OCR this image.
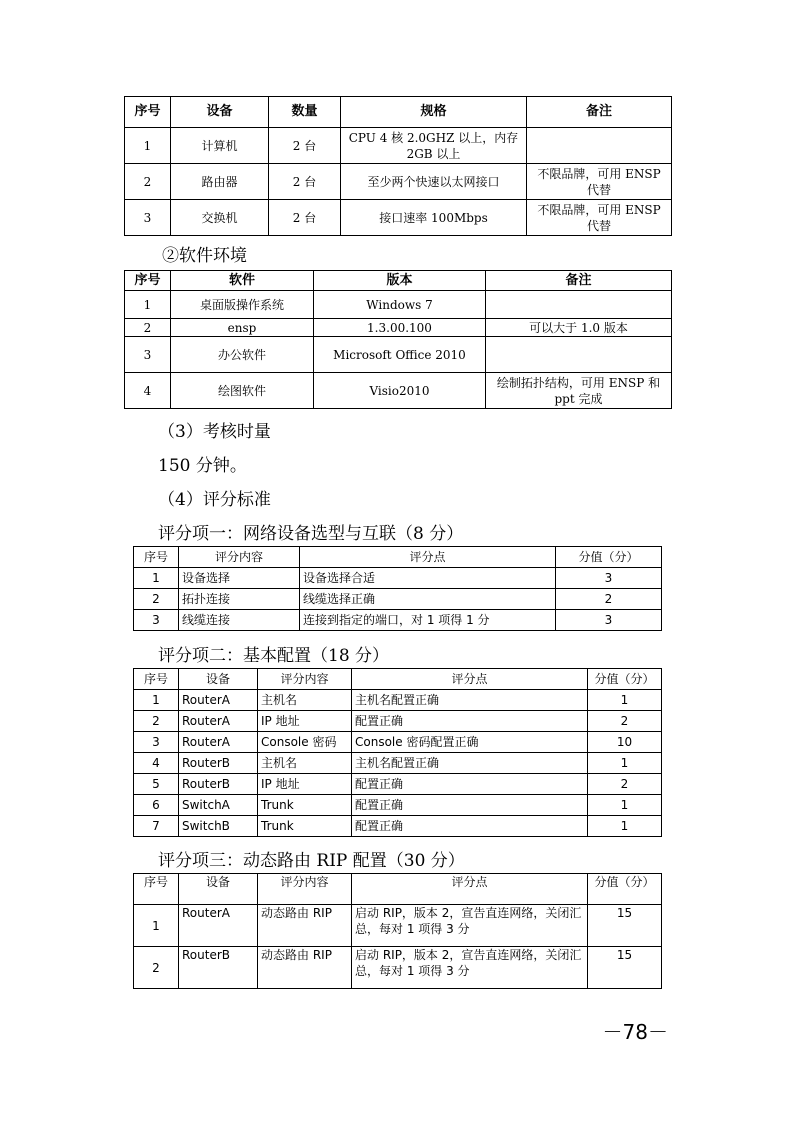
序号	设备	数量	规格	备注
1	计算机	2 台	CPU 4 核 2.0GHZ 以上，内存 2GB 以上	
2	路由器	2 台	至少两个快速以太网接口	不限品牌，可用 ENSP 代替
3	交换机	2 台	接口速率 100Mbps	不限品牌，可用 ENSP 代替
②软件环境
序号	软件	版本	备注
1	桌面版操作系统	Windows 7	
2	ensp	1.3.00.100	可以大于 1.0 版本
3	办公软件	Microsoft Office 2010	
4	绘图软件	Visio2010	绘制拓扑结构，可用 ENSP 和 ppt 完成
（3）考核时量
150 分钟。
（4）评分标准
评分项一：网络设备选型与互联（8 分）
序号	评分内容	评分点	分值（分）
1	设备选择	设备选择合适	3
2	拓扑连接	线缆选择正确	2
3	线缆连接	连接到指定的端口，对 1 项得 1 分	3
评分项二：基本配置（18 分）
序号	设备	评分内容	评分点	分值（分）
1	RouterA	主机名	主机名配置正确	1
2	RouterA	IP 地址	配置正确	2
3	RouterA	Console 密码	Console 密码配置正确	10
4	RouterB	主机名	主机名配置正确	1
5	RouterB	IP 地址	配置正确	2
6	SwitchA	Trunk	配置正确	1
7	SwitchB	Trunk	配置正确	1
评分项三：动态路由 RIP 配置（30 分）
序号	设备	评分内容	评分点	分值（分）
1	RouterA	动态路由 RIP	启动 RIP，版本 2，宣告直连网络，关闭汇总，每对 1 项得 3 分	15
2	RouterB	动态路由 RIP	启动 RIP，版本 2，宣告直连网络，关闭汇总，每对 1 项得 3 分	15
－78－
